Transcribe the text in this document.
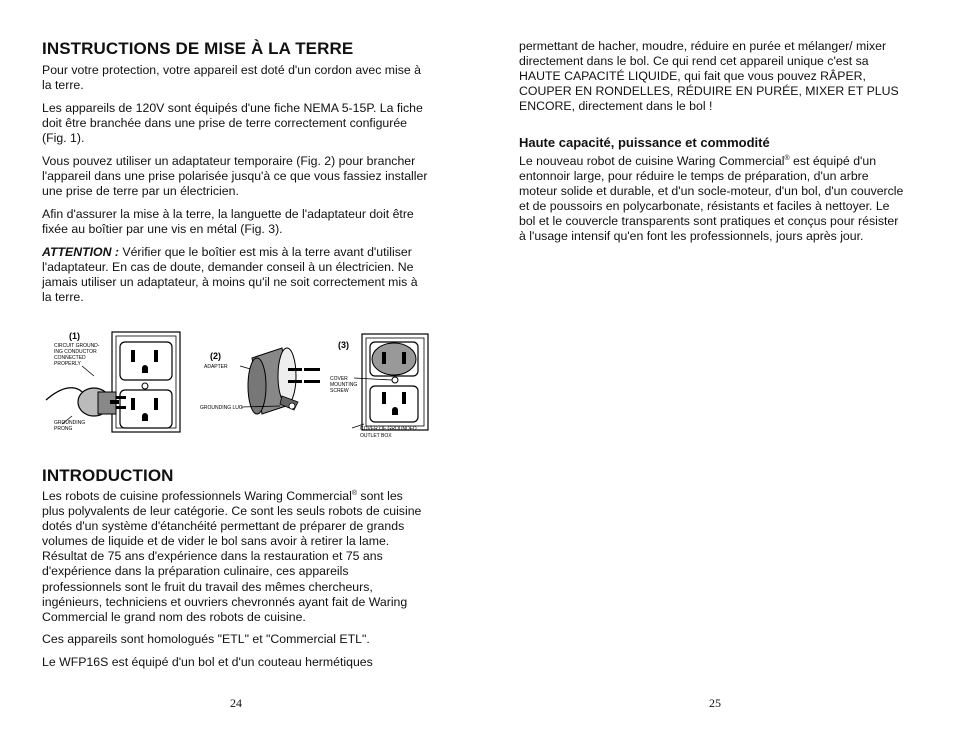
INSTRUCTIONS DE MISE À LA TERRE

Pour votre protection, votre appareil est doté d'un cordon avec mise à la terre.

Les appareils de 120V sont équipés d'une fiche NEMA 5-15P. La fiche doit être branchée dans une prise de terre correctement configurée (Fig. 1).

Vous pouvez utiliser un adaptateur temporaire (Fig. 2) pour brancher l'appareil dans une prise polarisée jusqu'à ce que vous fassiez installer une prise de terre par un électricien.

Afin d'assurer la mise à la terre, la languette de l'adaptateur doit être fixée au boîtier par une vis en métal (Fig. 3).

ATTENTION : Vérifier que le boîtier est mis à la terre avant d'utiliser l'adaptateur. En cas de doute, demander conseil à un électricien. Ne jamais utiliser un adaptateur, à moins qu'il ne soit correctement mis à la terre.

INTRODUCTION

Les robots de cuisine professionnels Waring Commercial® sont les plus polyvalents de leur catégorie. Ce sont les seuls robots de cuisine dotés d'un système d'étanchéité permettant de préparer de grands volumes de liquide et de vider le bol sans avoir à retirer la lame. Résultat de 75 ans d'expérience dans la restauration et 75 ans d'expérience dans la préparation culinaire, ces appareils professionnels sont le fruit du travail des mêmes chercheurs, ingénieurs, techniciens et ouvriers chevronnés ayant fait de Waring Commercial le grand nom des robots de cuisine.

Ces appareils sont homologués "ETL" et "Commercial ETL".

Le WFP16S est équipé d'un bol et d'un couteau hermétiques

(1)
CIRCUIT GROUND-
ING CONDUCTOR
CONNECTED
PROPERLY
GROUNDING
PRONG
(2)
ADAPTER
GROUNDING LUG
(3)
COVER
MOUNTING
SCREW
COVER OF GROUNDED
OUTLET BOX
24

permettant de hacher, moudre, réduire en purée et mélanger/ mixer directement dans le bol. Ce qui rend cet appareil unique c'est sa HAUTE CAPACITÉ LIQUIDE, qui fait que vous pouvez RÂPER, COUPER EN RONDELLES, RÉDUIRE EN PURÉE, MIXER ET PLUS ENCORE, directement dans le bol !

Haute capacité, puissance et commodité

Le nouveau robot de cuisine Waring Commercial® est équipé d'un entonnoir large, pour réduire le temps de préparation, d'un arbre moteur solide et durable, et d'un socle-moteur, d'un bol, d'un couvercle et de poussoirs en polycarbonate, résistants et faciles à nettoyer. Le bol et le couvercle transparents sont pratiques et conçus pour résister à l'usage intensif qu'en font les professionnels, jours après jour.

25
